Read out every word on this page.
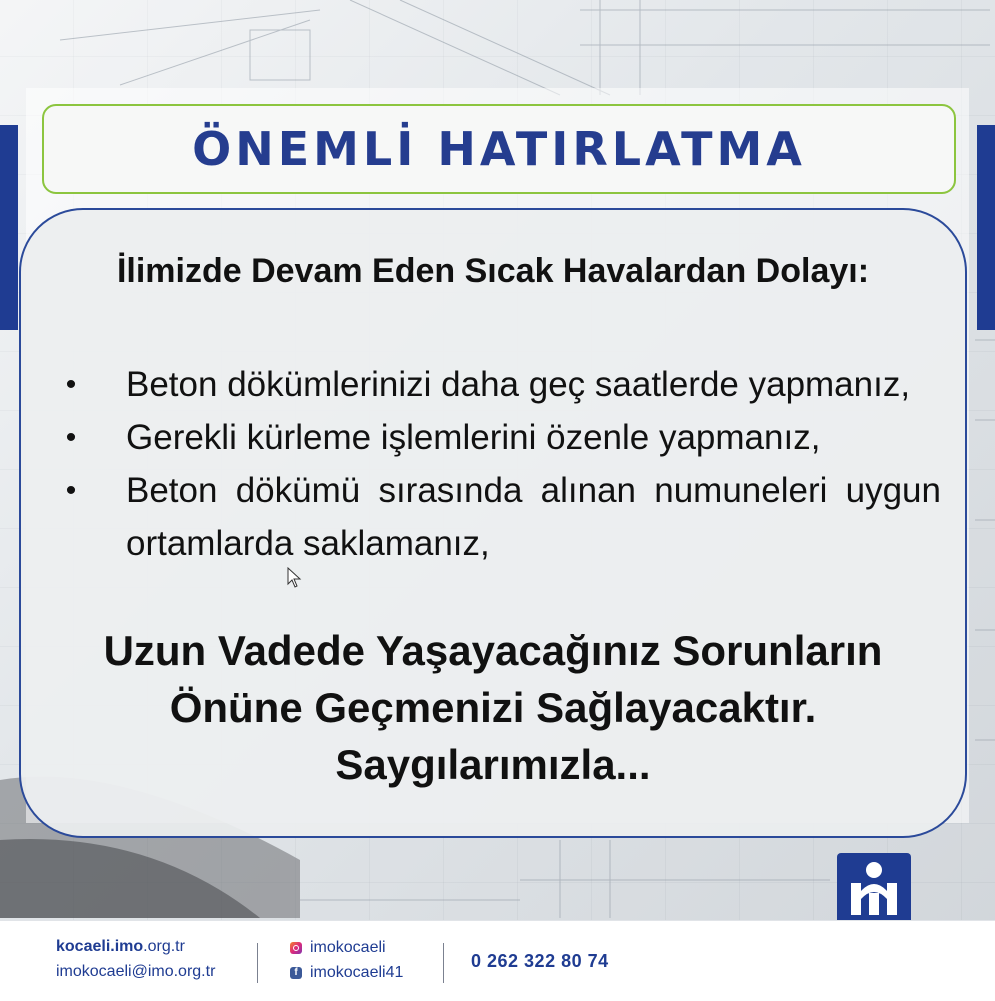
ÖNEMLİ HATIRLATMA
İlimizde Devam Eden Sıcak Havalardan Dolayı:
• Beton dökümlerinizi daha geç saatlerde yapmanız,
• Gerekli kürleme işlemlerini özenle yapmanız,
• Beton dökümü sırasında alınan numuneleri uygun ortamlarda saklamanız,
Uzun Vadede Yaşayacağınız Sorunların
Önüne Geçmenizi Sağlayacaktır.
Saygılarımızla...
kocaeli.imo.org.tr
imokocaeli@imo.org.tr
imokocaeli
f imokocaeli41
0 262 322 80 74
